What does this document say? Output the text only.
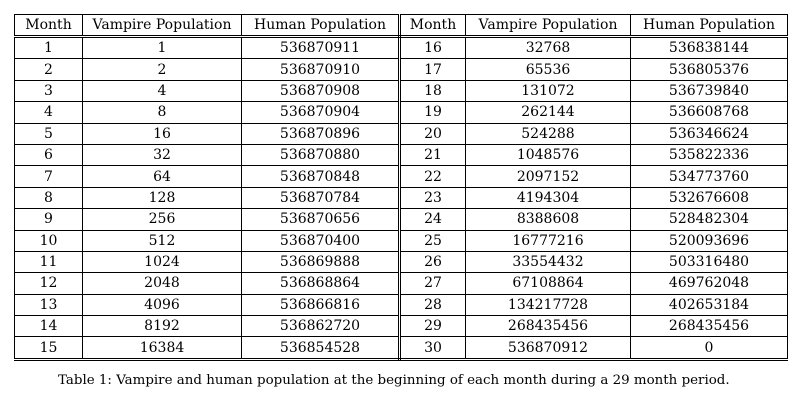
Month	Vampire Population	Human Population	Month	Vampire Population	Human Population
1	1	536870911	16	32768	536838144
2	2	536870910	17	65536	536805376
3	4	536870908	18	131072	536739840
4	8	536870904	19	262144	536608768
5	16	536870896	20	524288	536346624
6	32	536870880	21	1048576	535822336
7	64	536870848	22	2097152	534773760
8	128	536870784	23	4194304	532676608
9	256	536870656	24	8388608	528482304
10	512	536870400	25	16777216	520093696
11	1024	536869888	26	33554432	503316480
12	2048	536868864	27	67108864	469762048
13	4096	536866816	28	134217728	402653184
14	8192	536862720	29	268435456	268435456
15	16384	536854528	30	536870912	0
Table 1: Vampire and human population at the beginning of each month during a 29 month period.
